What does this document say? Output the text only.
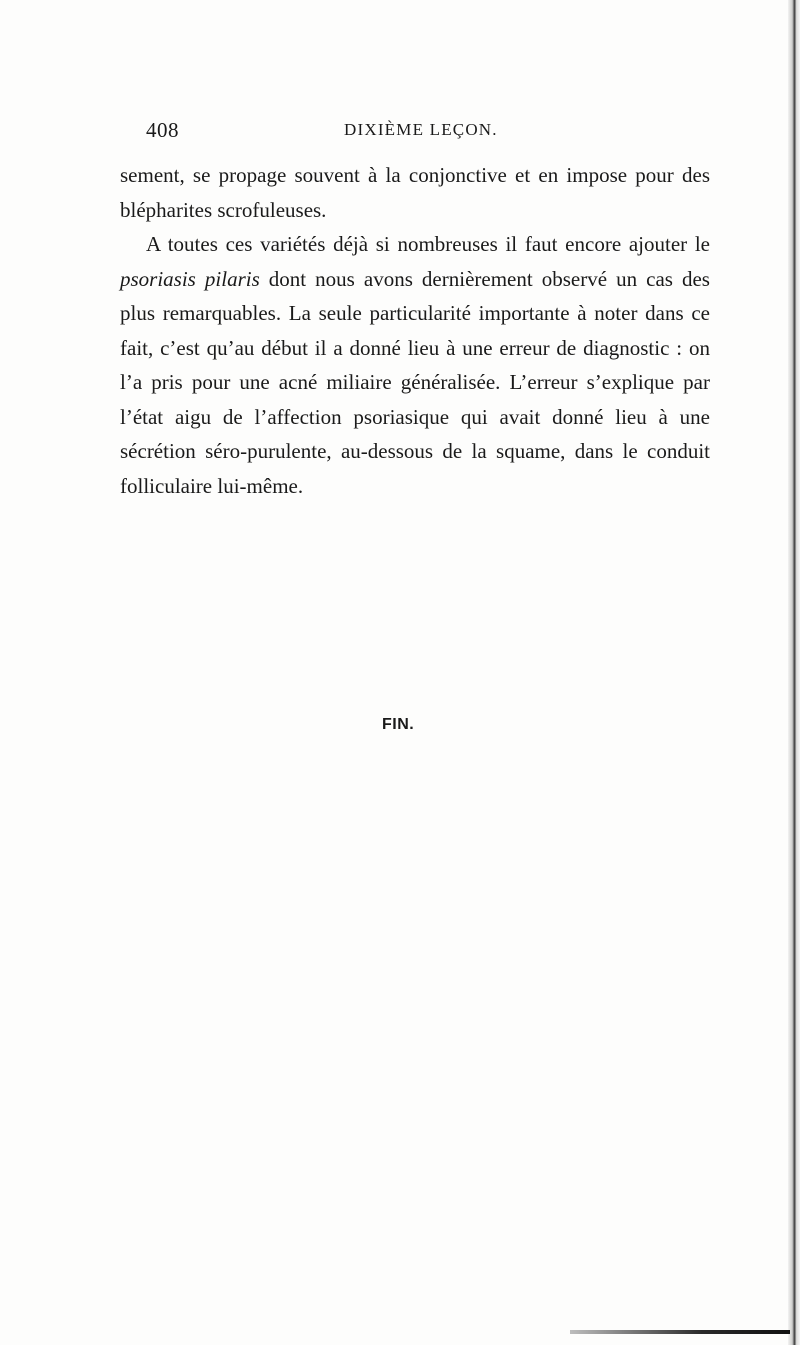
408	DIXIÈME LEÇON.

sement, se propage souvent à la conjonctive et en impose pour des blépharites scrofuleuses.

A toutes ces variétés déjà si nombreuses il faut encore ajouter le psoriasis pilaris dont nous avons dernièrement observé un cas des plus remarquables. La seule particularité importante à noter dans ce fait, c’est qu’au début il a donné lieu à une erreur de diagnostic : on l’a pris pour une acné miliaire généralisée. L’erreur s’explique par l’état aigu de l’affection psoriasique qui avait donné lieu à une sécrétion séro-purulente, au-dessous de la squame, dans le conduit folliculaire lui-même.

FIN.
